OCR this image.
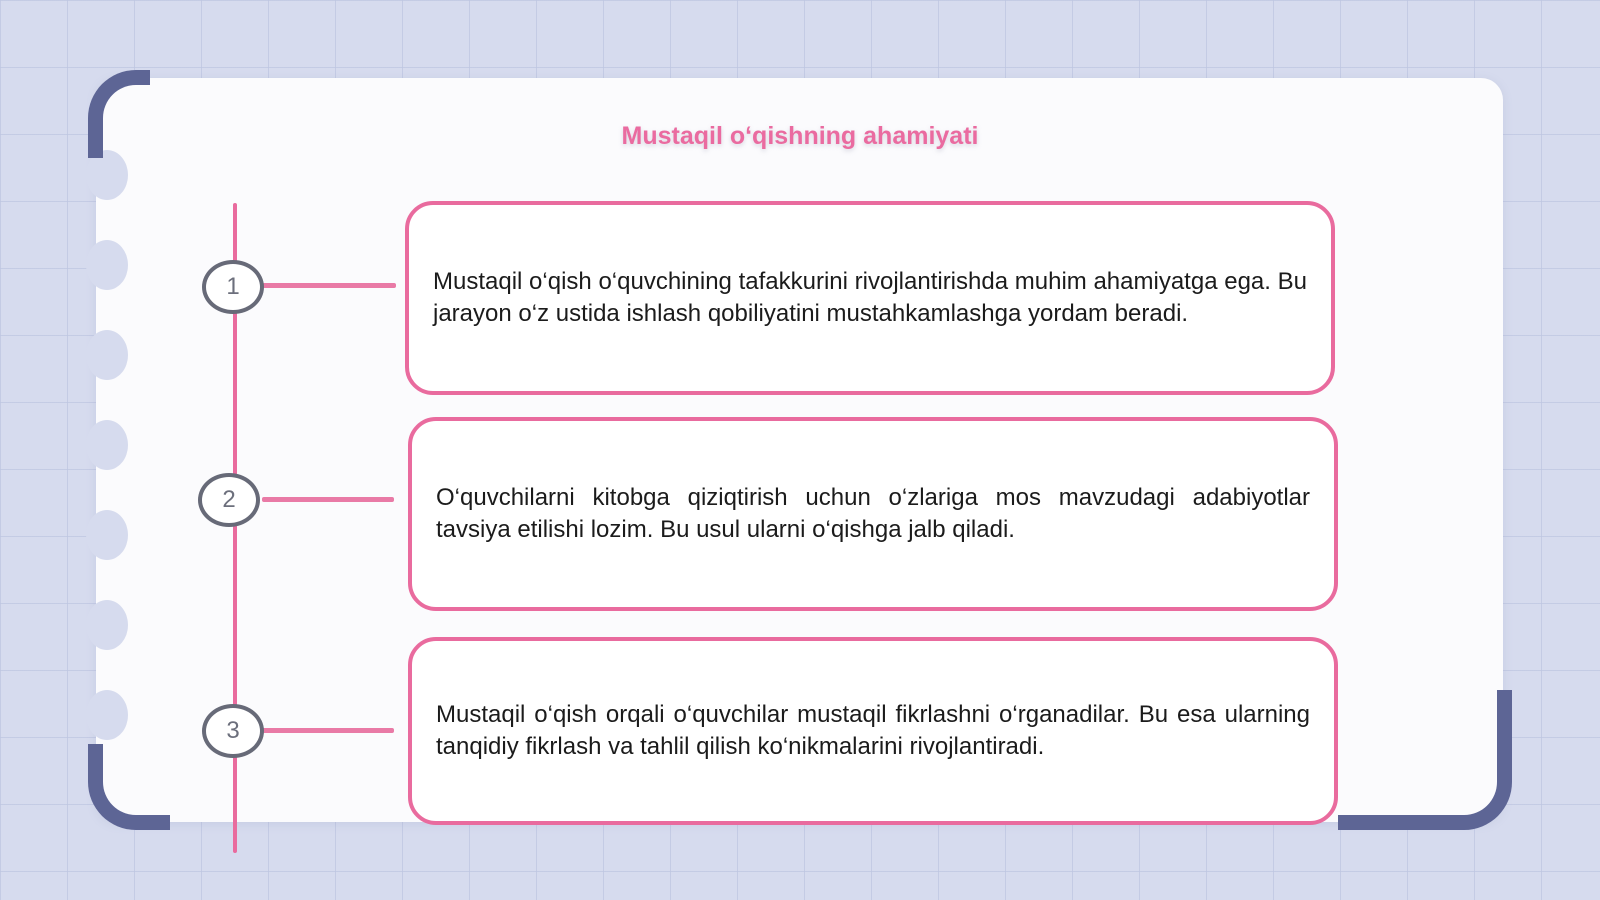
Mustaqil o‘qishning ahamiyati
1	Mustaqil o‘qish o‘quvchining tafakkurini rivojlantirishda muhim ahamiyatga ega. Bu jarayon o‘z ustida ishlash qobiliyatini mustahkamlashga yordam beradi.
2	O‘quvchilarni kitobga qiziqtirish uchun o‘zlariga mos mavzudagi adabiyotlar tavsiya etilishi lozim. Bu usul ularni o‘qishga jalb qiladi.
3
Mustaqil o‘qish orqali o‘quvchilar mustaqil fikrlashni o‘rganadilar. Bu esa ularning tanqidiy fikrlash va tahlil qilish ko‘nikmalarini rivojlantiradi.
